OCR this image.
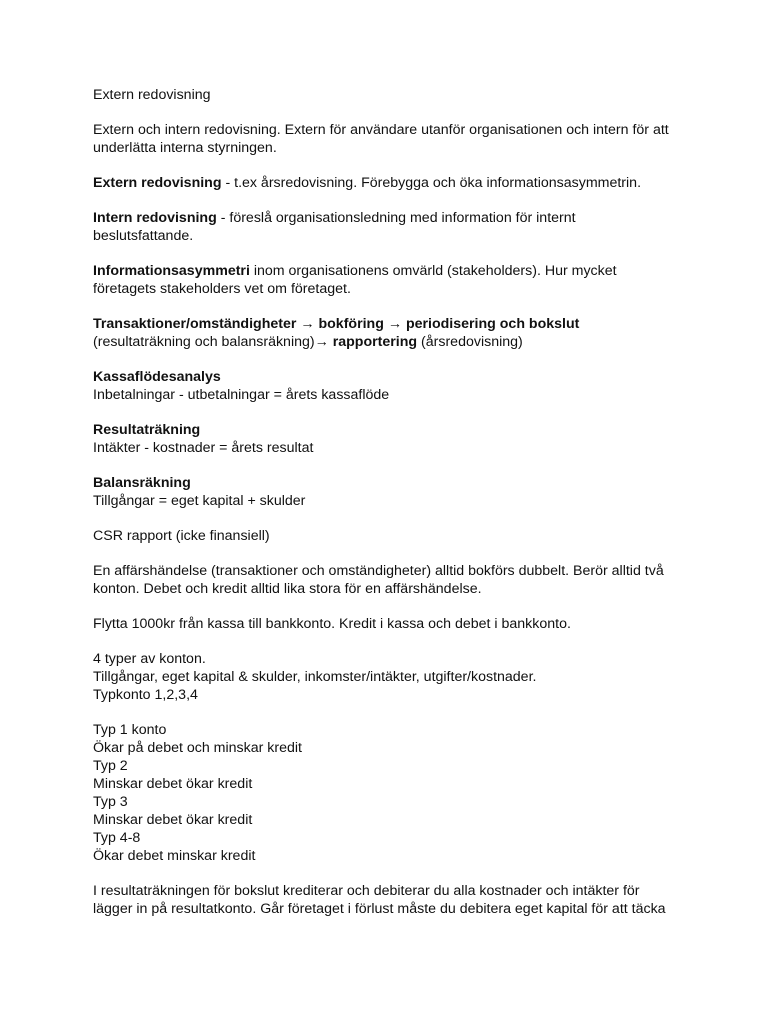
Extern redovisning

Extern och intern redovisning. Extern för användare utanför organisationen och intern för att
underlätta interna styrningen.

Extern redovisning - t.ex årsredovisning. Förebygga och öka informationsasymmetrin.

Intern redovisning - föreslå organisationsledning med information för internt
beslutsfattande.

Informationsasymmetri inom organisationens omvärld (stakeholders). Hur mycket
företagets stakeholders vet om företaget.

Transaktioner/omständigheter → bokföring → periodisering och bokslut
(resultaträkning och balansräkning)→ rapportering (årsredovisning)

Kassaflödesanalys
Inbetalningar - utbetalningar = årets kassaflöde

Resultaträkning
Intäkter - kostnader = årets resultat

Balansräkning
Tillgångar = eget kapital + skulder

CSR rapport (icke finansiell)

En affärshändelse (transaktioner och omständigheter) alltid bokförs dubbelt. Berör alltid två
konton. Debet och kredit alltid lika stora för en affärshändelse.

Flytta 1000kr från kassa till bankkonto. Kredit i kassa och debet i bankkonto.

4 typer av konton.
Tillgångar, eget kapital & skulder, inkomster/intäkter, utgifter/kostnader.
Typkonto 1,2,3,4

Typ 1 konto
Ökar på debet och minskar kredit
Typ 2
Minskar debet ökar kredit
Typ 3
Minskar debet ökar kredit
Typ 4-8
Ökar debet minskar kredit

I resultaträkningen för bokslut krediterar och debiterar du alla kostnader och intäkter för
lägger in på resultatkonto. Går företaget i förlust måste du debitera eget kapital för att täcka
